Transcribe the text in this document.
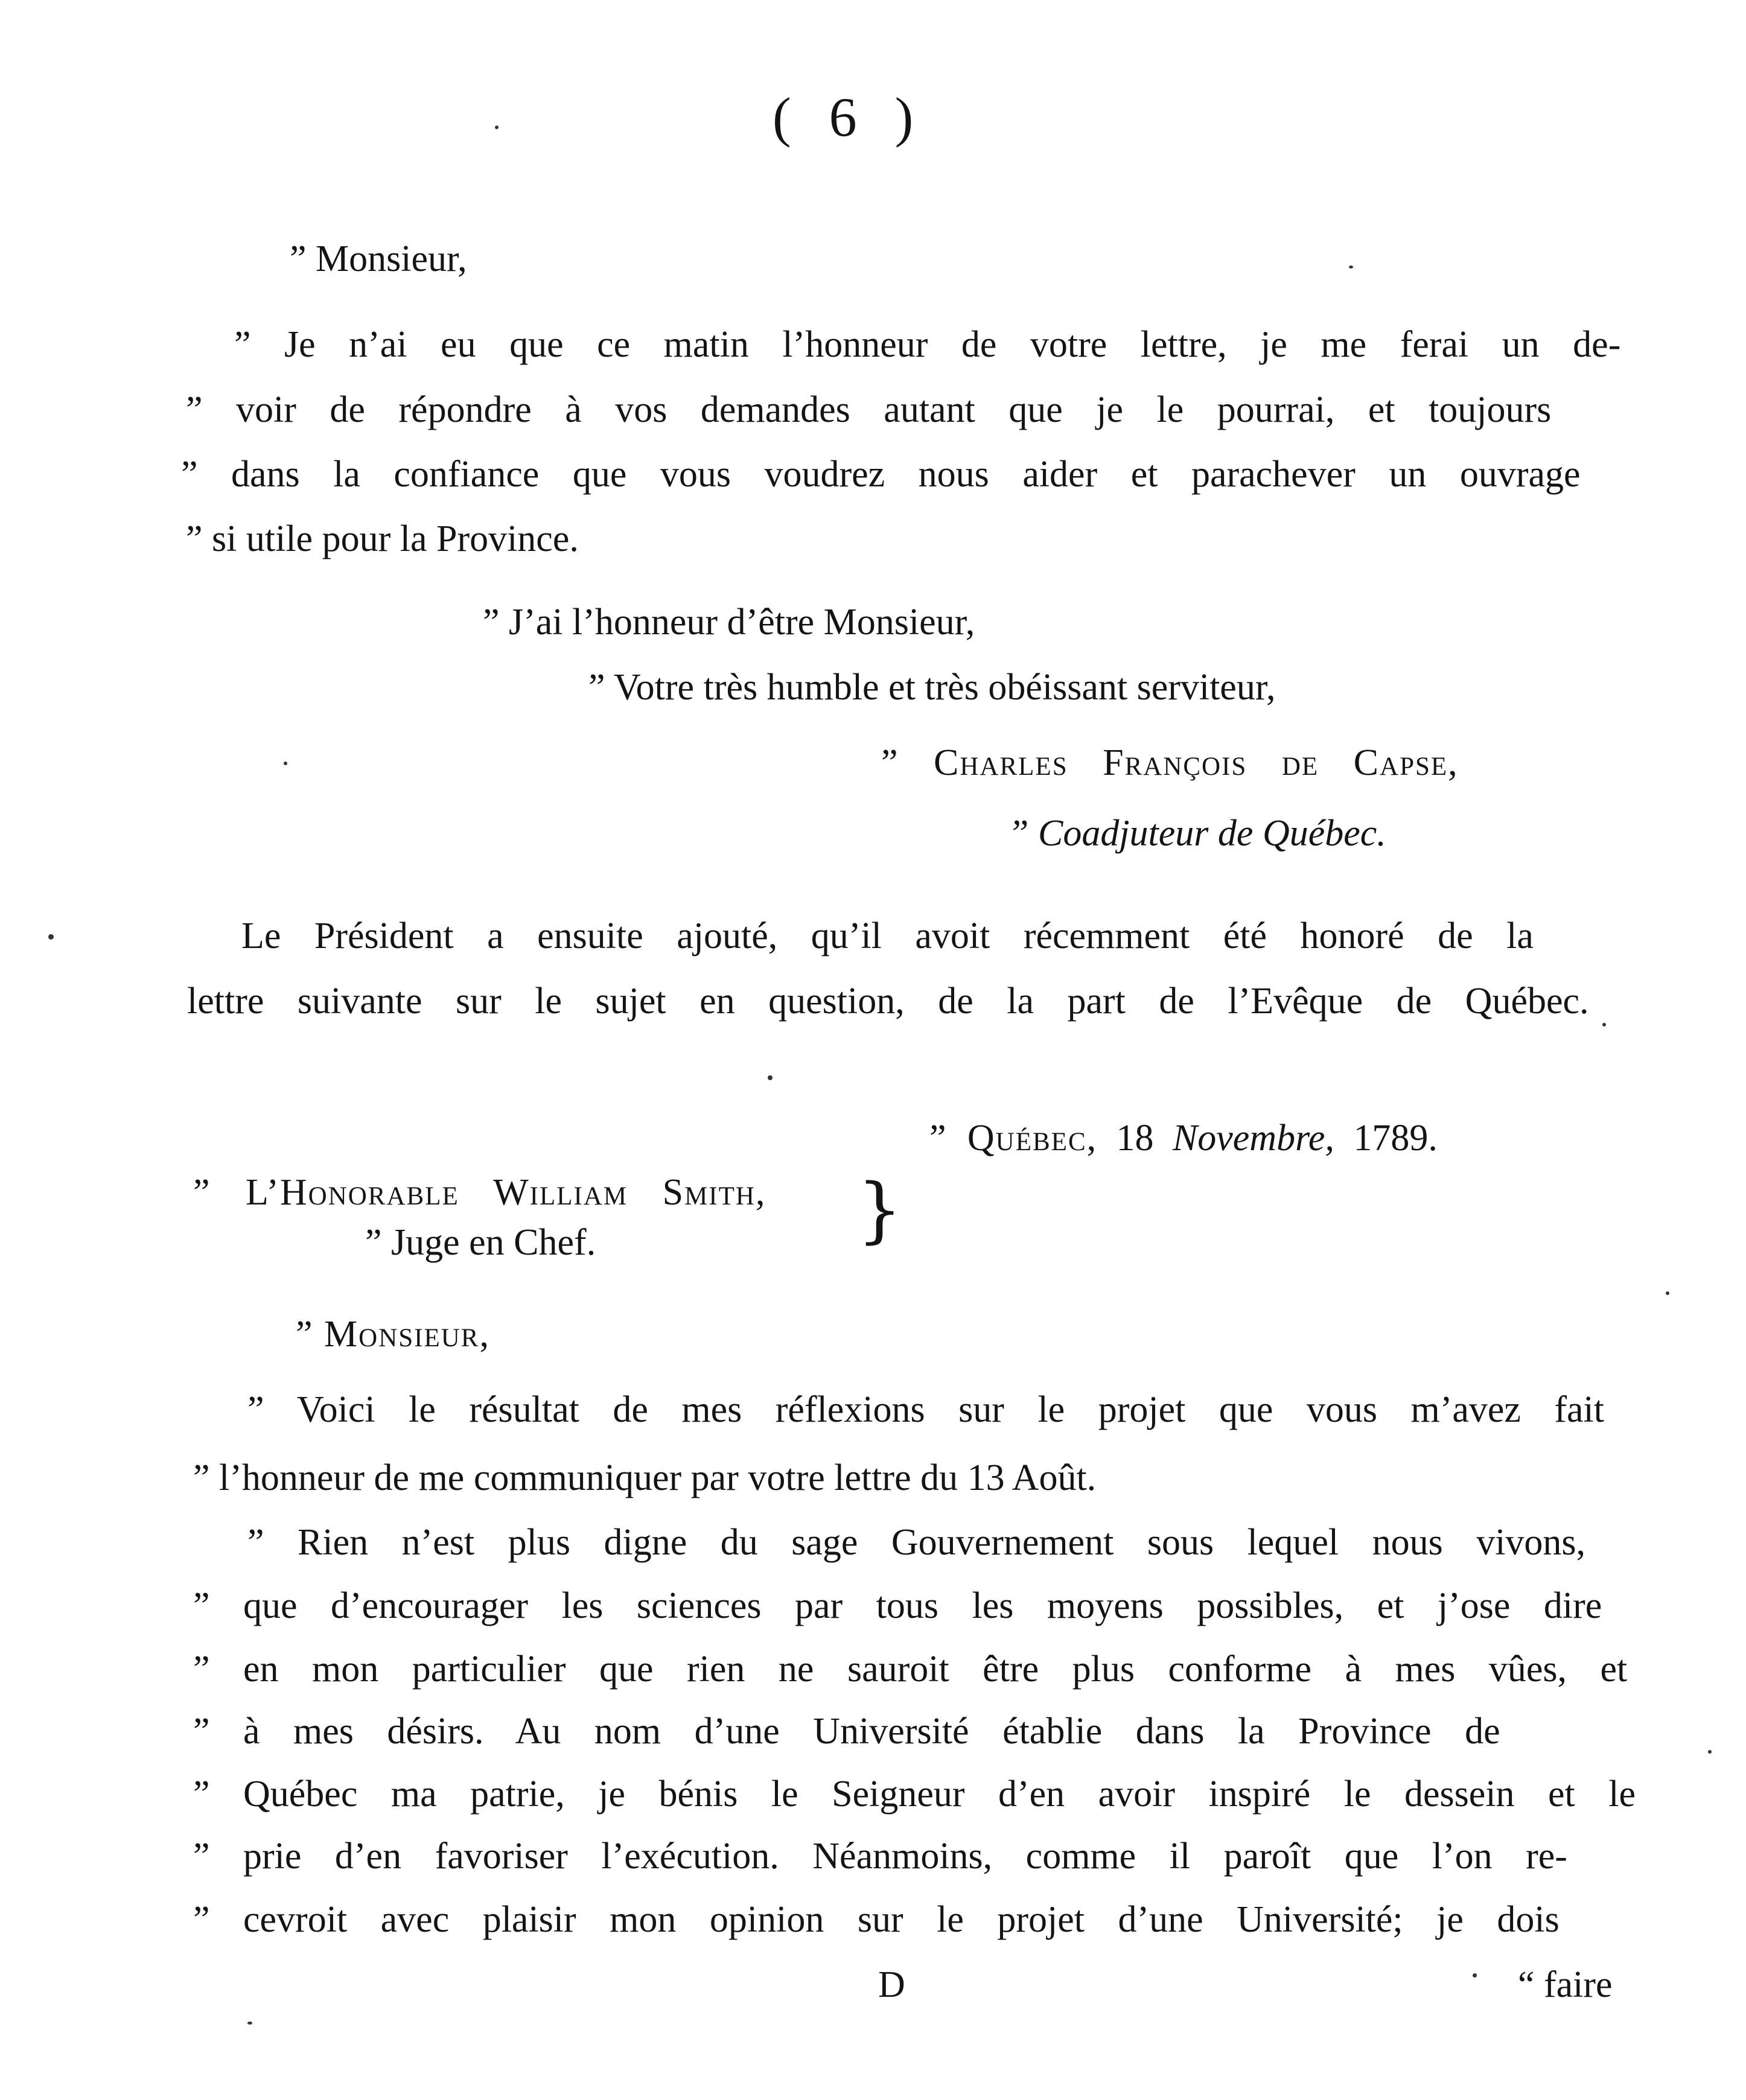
( 6 )
” Monsieur,
” Je n’ai eu que ce matin l’honneur de votre lettre, je me ferai un de-
” voir de répondre à vos demandes autant que je le pourrai, et toujours
” dans la confiance que vous voudrez nous aider et parachever un ouvrage
” si utile pour la Province.
” J’ai l’honneur d’être Monsieur,
” Votre très humble et très obéissant serviteur,
” Charles François de Capse,
” Coadjuteur de Québec.
Le Président a ensuite ajouté, qu’il avoit récemment été honoré de la
lettre suivante sur le sujet en question, de la part de l’Evêque de Québec.
” Québec, 18 Novembre, 1789.
” L’Honorable William Smith,
” Juge en Chef.	}
” Monsieur,
” Voici le résultat de mes réflexions sur le projet que vous m’avez fait
” l’honneur de me communiquer par votre lettre du 13 Août.
” Rien n’est plus digne du sage Gouvernement sous lequel nous vivons,
” que d’encourager les sciences par tous les moyens possibles, et j’ose dire
” en mon particulier que rien ne sauroit être plus conforme à mes vûes, et
” à mes désirs. Au nom d’une Université établie dans la Province de
” Québec ma patrie, je bénis le Seigneur d’en avoir inspiré le dessein et le
” prie d’en favoriser l’exécution. Néanmoins, comme il paroît que l’on re-
” cevroit avec plaisir mon opinion sur le projet d’une Université; je dois
D	“ faire
